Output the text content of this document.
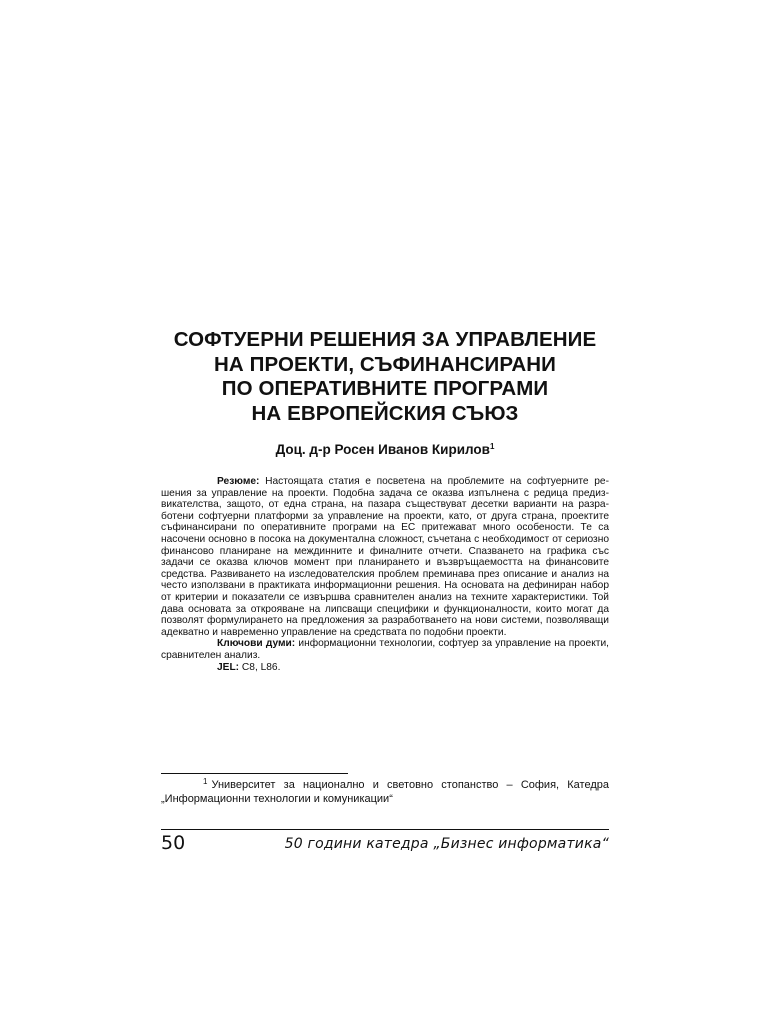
СОФТУЕРНИ РЕШЕНИЯ ЗА УПРАВЛЕНИЕ
НА ПРОЕКТИ, СЪФИНАНСИРАНИ
ПО ОПЕРАТИВНИТЕ ПРОГРАМИ
НА ЕВРОПЕЙСКИЯ СЪЮЗ
Доц. д-р Росен Иванов Кирилов$^1$

Резюме: Настоящата статия е посветена на проблемите на софтуерните решения за управление на проекти. Подобна задача се оказва изпълнена с редица предизвикателства, защото, от една страна, на пазара съществуват десетки варианти на разработени софтуерни платформи за управление на проекти, като, от друга страна, проектите съфинансирани по оперативните програми на ЕС притежават много особености. Те са насочени основно в посока на документална сложност, съчетана с необходимост от сериозно финансово планиране на междинните и финалните отчети. Спазването на графика със задачи се оказва ключов момент при планирането и възвръщаемостта на финансовите средства. Развиването на изследователския проблем преминава през описание и анализ на често използвани в практиката информационни решения. На основата на дефиниран набор от критерии и показатели се извършва сравнителен анализ на техните характеристики. Той дава основата за открояване на липсващи специфики и функционалности, които могат да позволят формулирането на предложения за разработването на нови системи, позволяващи адекватно и навременно управление на средствата по подобни проекти.

Ключови думи: информационни технологии, софтуер за управление на проекти, сравнителен анализ.

JEL: C8, L86.

$^1$ Университет за национално и световно стопанство – София, Катедра „Информационни технологии и комуникации“

50	50 години катедра „Бизнес информатика“
